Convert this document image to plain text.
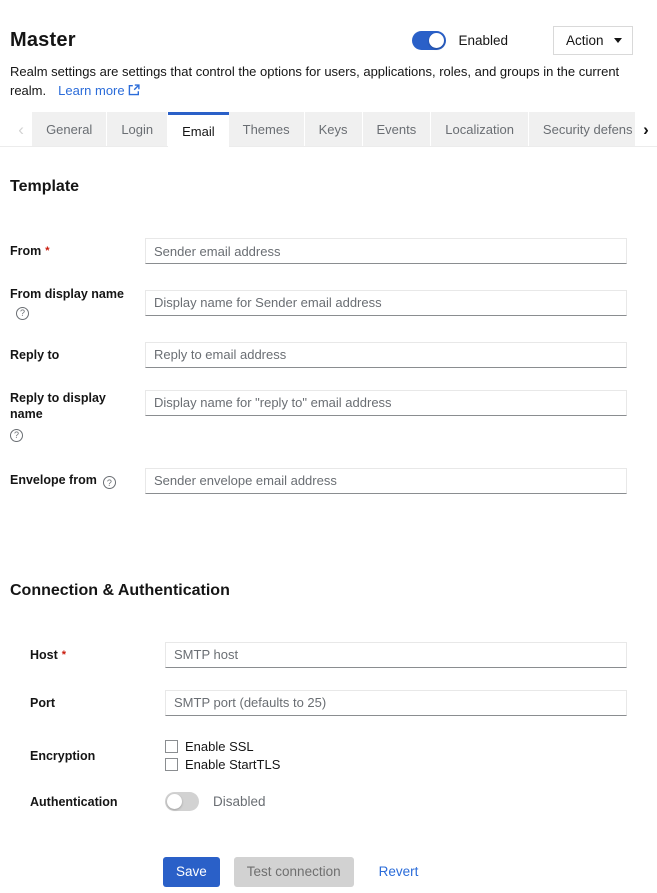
Master	Enabled	Action

Realm settings are settings that control the options for users, applications, roles, and groups in the current realm. Learn more

‹ General Login Email Themes Keys Events Localization Security defens ›
Template
From *
Sender email address
From display name?
Display name for Sender email address
Reply to
Reply to email address
Reply to display name
?
Display name for "reply to" email address
Envelope from ?
Sender envelope email address
Connection & Authentication
Host *
SMTP host
Port
SMTP port (defaults to 25)
Encryption
Enable SSL
Enable StartTLS
Authentication	Disabled
Save	Test connection	Revert
